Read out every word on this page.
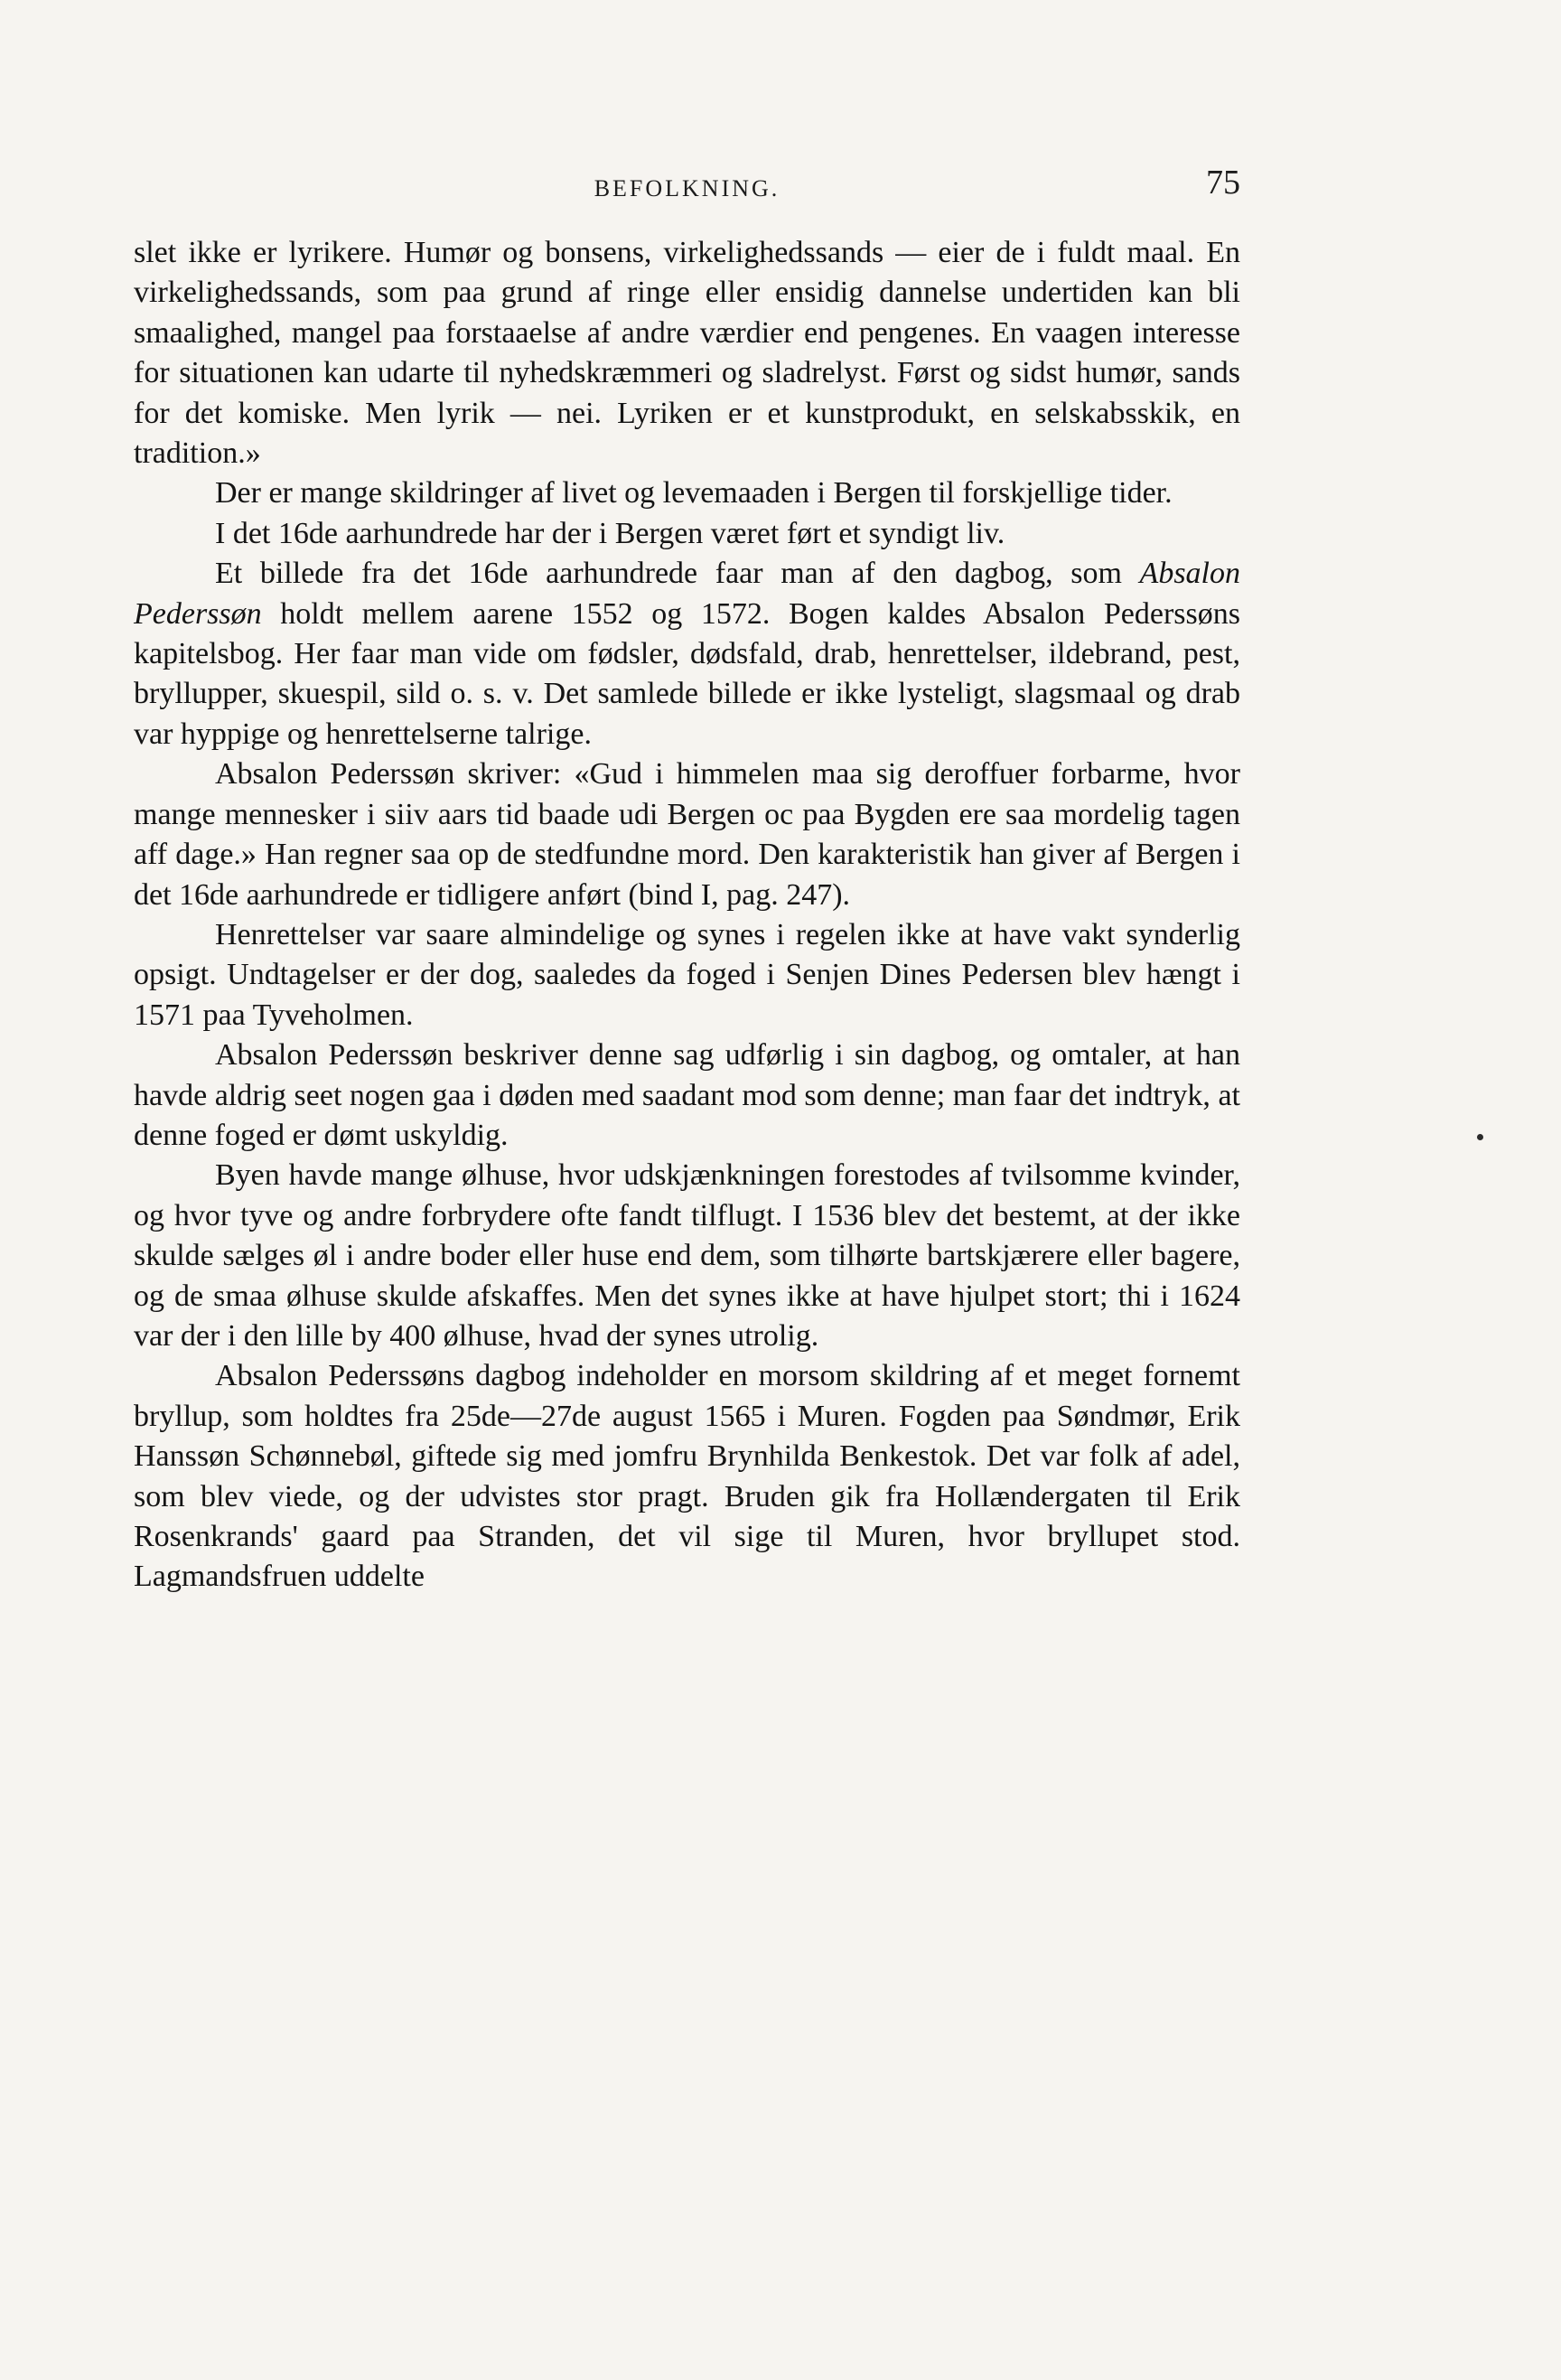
BEFOLKNING.	75

slet ikke er lyrikere. Humør og bonsens, virkelighedssands — eier de i fuldt maal. En virkelighedssands, som paa grund af ringe eller ensidig dannelse undertiden kan bli smaalighed, mangel paa forstaaelse af andre værdier end pengenes. En vaagen interesse for situationen kan udarte til nyhedskræmmeri og sladrelyst. Først og sidst humør, sands for det komiske. Men lyrik — nei. Lyriken er et kunstprodukt, en selskabsskik, en tradition.»

Der er mange skildringer af livet og levemaaden i Bergen til forskjellige tider.

I det 16de aarhundrede har der i Bergen været ført et syndigt liv.

Et billede fra det 16de aarhundrede faar man af den dagbog, som Absalon Pederssøn holdt mellem aarene 1552 og 1572. Bogen kaldes Absalon Pederssøns kapitelsbog. Her faar man vide om fødsler, dødsfald, drab, henrettelser, ildebrand, pest, bryllupper, skuespil, sild o. s. v. Det samlede billede er ikke lysteligt, slagsmaal og drab var hyppige og henrettelserne talrige.

Absalon Pederssøn skriver: «Gud i himmelen maa sig deroffuer forbarme, hvor mange mennesker i siiv aars tid baade udi Bergen oc paa Bygden ere saa mordelig tagen aff dage.» Han regner saa op de stedfundne mord. Den karakteristik han giver af Bergen i det 16de aarhundrede er tidligere anført (bind I, pag. 247).

Henrettelser var saare almindelige og synes i regelen ikke at have vakt synderlig opsigt. Undtagelser er der dog, saaledes da foged i Senjen Dines Pedersen blev hængt i 1571 paa Tyveholmen.

Absalon Pederssøn beskriver denne sag udførlig i sin dagbog, og omtaler, at han havde aldrig seet nogen gaa i døden med saadant mod som denne; man faar det indtryk, at denne foged er dømt uskyldig.

Byen havde mange ølhuse, hvor udskjænkningen forestodes af tvilsomme kvinder, og hvor tyve og andre forbrydere ofte fandt tilflugt. I 1536 blev det bestemt, at der ikke skulde sælges øl i andre boder eller huse end dem, som tilhørte bartskjærere eller bagere, og de smaa ølhuse skulde afskaffes. Men det synes ikke at have hjulpet stort; thi i 1624 var der i den lille by 400 ølhuse, hvad der synes utrolig.

Absalon Pederssøns dagbog indeholder en morsom skildring af et meget fornemt bryllup, som holdtes fra 25de—27de august 1565 i Muren. Fogden paa Søndmør, Erik Hanssøn Schønnebøl, giftede sig med jomfru Brynhilda Benkestok. Det var folk af adel, som blev viede, og der udvistes stor pragt. Bruden gik fra Hollændergaten til Erik Rosenkrands' gaard paa Stranden, det vil sige til Muren, hvor bryllupet stod. Lagmandsfruen uddelte
